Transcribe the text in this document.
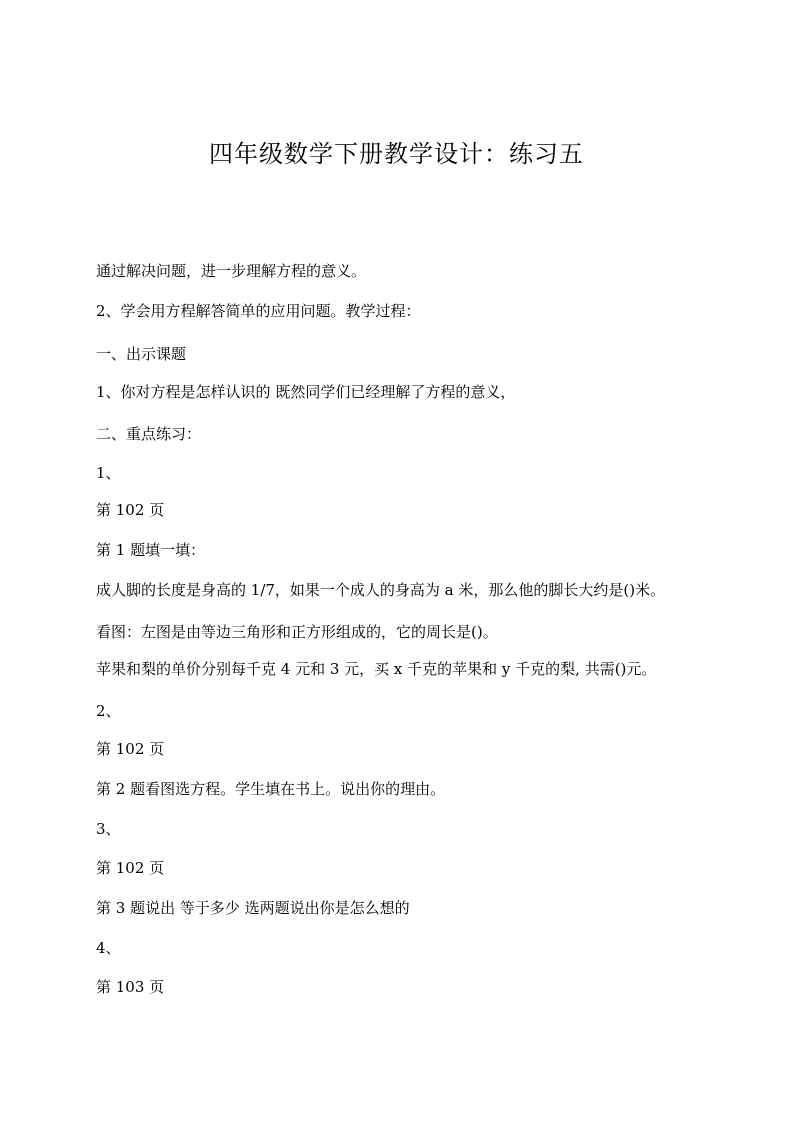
四年级数学下册教学设计：练习五

通过解决问题，进一步理解方程的意义。

2、学会用方程解答简单的应用问题。教学过程：

一、出示课题

1、你对方程是怎样认识的 既然同学们已经理解了方程的意义，

二、重点练习：

1、

第 102 页

第 1 题填一填：

成人脚的长度是身高的 1/7，如果一个成人的身高为 a 米，那么他的脚长大约是()米。

看图：左图是由等边三角形和正方形组成的，它的周长是()。

苹果和梨的单价分别每千克 4 元和 3 元，买 x 千克的苹果和 y 千克的梨, 共需()元。

2、

第 102 页

第 2 题看图选方程。学生填在书上。说出你的理由。

3、

第 102 页

第 3 题说出 等于多少 选两题说出你是怎么想的

4、

第 103 页
